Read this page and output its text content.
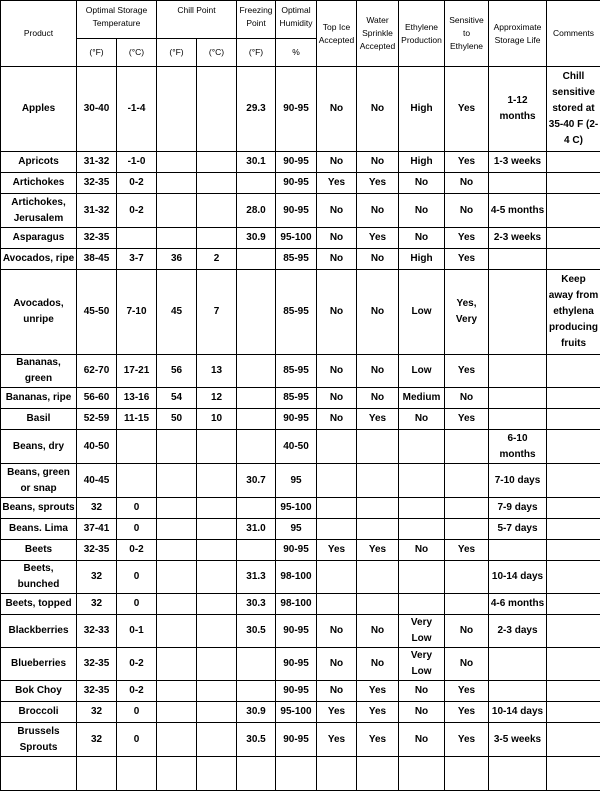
Product	Optimal Storage Temperature		Chill Point		Freezing Point	Optimal Humidity	Top Ice Accepted	Water Sprinkle Accepted	Ethylene Production	Sensitive to Ethylene	Approximate Storage Life	Comments
	(°F)	(°C)	(°F)	(°C)	(°F)	%						
Apples	30-40	-1-4			29.3	90-95	No	No	High	Yes	1-12 months	Chill sensitive stored at 35-40 F (2-4 C)
Apricots	31-32	-1-0			30.1	90-95	No	No	High	Yes	1-3 weeks	
Artichokes	32-35	0-2				90-95	Yes	Yes	No	No		
Artichokes, Jerusalem	31-32	0-2			28.0	90-95	No	No	No	No	4-5 months	
Asparagus	32-35				30.9	95-100	No	Yes	No	Yes	2-3 weeks	
Avocados, ripe	38-45	3-7	36	2		85-95	No	No	High	Yes		
Avocados, unripe	45-50	7-10	45	7		85-95	No	No	Low	Yes, Very		Keep away from ethylena producing fruits
Bananas, green	62-70	17-21	56	13		85-95	No	No	Low	Yes		
Bananas, ripe	56-60	13-16	54	12		85-95	No	No	Medium	No		
Basil	52-59	11-15	50	10		90-95	No	Yes	No	Yes		
Beans, dry	40-50					40-50					6-10 months	
Beans, green or snap	40-45				30.7	95					7-10 days	
Beans, sprouts	32	0				95-100					7-9 days	
Beans. Lima	37-41	0			31.0	95					5-7 days	
Beets	32-35	0-2				90-95	Yes	Yes	No	Yes		
Beets, bunched	32	0			31.3	98-100					10-14 days	
Beets, topped	32	0			30.3	98-100					4-6 months	
Blackberries	32-33	0-1			30.5	90-95	No	No	Very Low	No	2-3 days	
Blueberries	32-35	0-2				90-95	No	No	Very Low	No		
Bok Choy	32-35	0-2				90-95	No	Yes	No	Yes		
Broccoli	32	0			30.9	95-100	Yes	Yes	No	Yes	10-14 days	
Brussels Sprouts	32	0			30.5	90-95	Yes	Yes	No	Yes	3-5 weeks	
